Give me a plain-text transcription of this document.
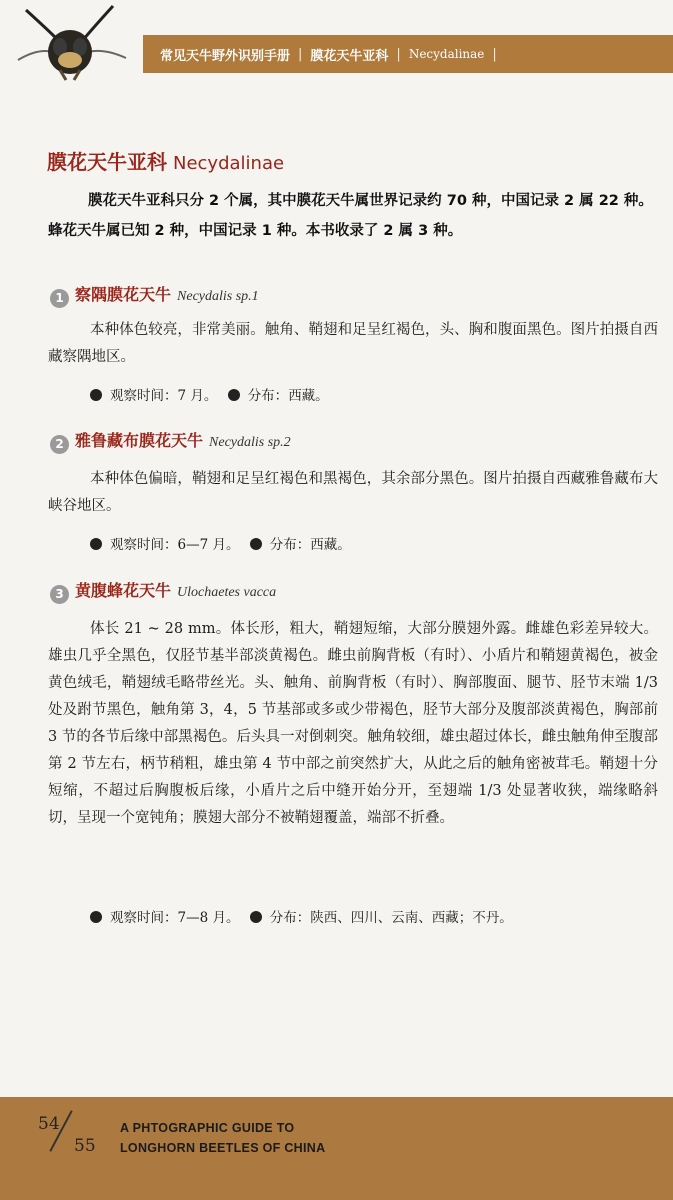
常见天牛野外识别手册 | 膜花天牛亚科 | Necydalinae |
膜花天牛亚科 Necydalinae
膜花天牛亚科只分 2 个属，其中膜花天牛属世界记录约 70 种，中国记录 2 属 22 种。蜂花天牛属已知 2 种，中国记录 1 种。本书收录了 2 属 3 种。
1 察隅膜花天牛 Necydalis sp.1
本种体色较亮，非常美丽。触角、鞘翅和足呈红褐色，头、胸和腹面黑色。图片拍摄自西藏察隅地区。
观察时间：7 月。 分布：西藏。
2 雅鲁藏布膜花天牛 Necydalis sp.2
本种体色偏暗，鞘翅和足呈红褐色和黑褐色，其余部分黑色。图片拍摄自西藏雅鲁藏布大峡谷地区。
观察时间：6—7 月。 分布：西藏。
3 黄腹蜂花天牛 Ulochaetes vacca
体长 21 ~ 28 mm。体长形，粗大，鞘翅短缩，大部分膜翅外露。雌雄色彩差异较大。雄虫几乎全黑色，仅胫节基半部淡黄褐色。雌虫前胸背板（有时）、小盾片和鞘翅黄褐色，被金黄色绒毛，鞘翅绒毛略带丝光。头、触角、前胸背板（有时）、胸部腹面、腿节、胫节末端 1/3 处及跗节黑色，触角第 3，4，5 节基部或多或少带褐色，胫节大部分及腹部淡黄褐色，胸部前 3 节的各节后缘中部黑褐色。后头具一对倒刺突。触角较细，雄虫超过体长，雌虫触角伸至腹部第 2 节左右，柄节稍粗，雄虫第 4 节中部之前突然扩大，从此之后的触角密被茸毛。鞘翅十分短缩，不超过后胸腹板后缘，小盾片之后中缝开始分开，至翅端 1/3 处显著收狭，端缘略斜切，呈现一个宽钝角；膜翅大部分不被鞘翅覆盖，端部不折叠。
观察时间：7—8 月。 分布：陕西、四川、云南、西藏；不丹。
54
55
A PHTOGRAPHIC GUIDE TO
LONGHORN BEETLES OF CHINA
